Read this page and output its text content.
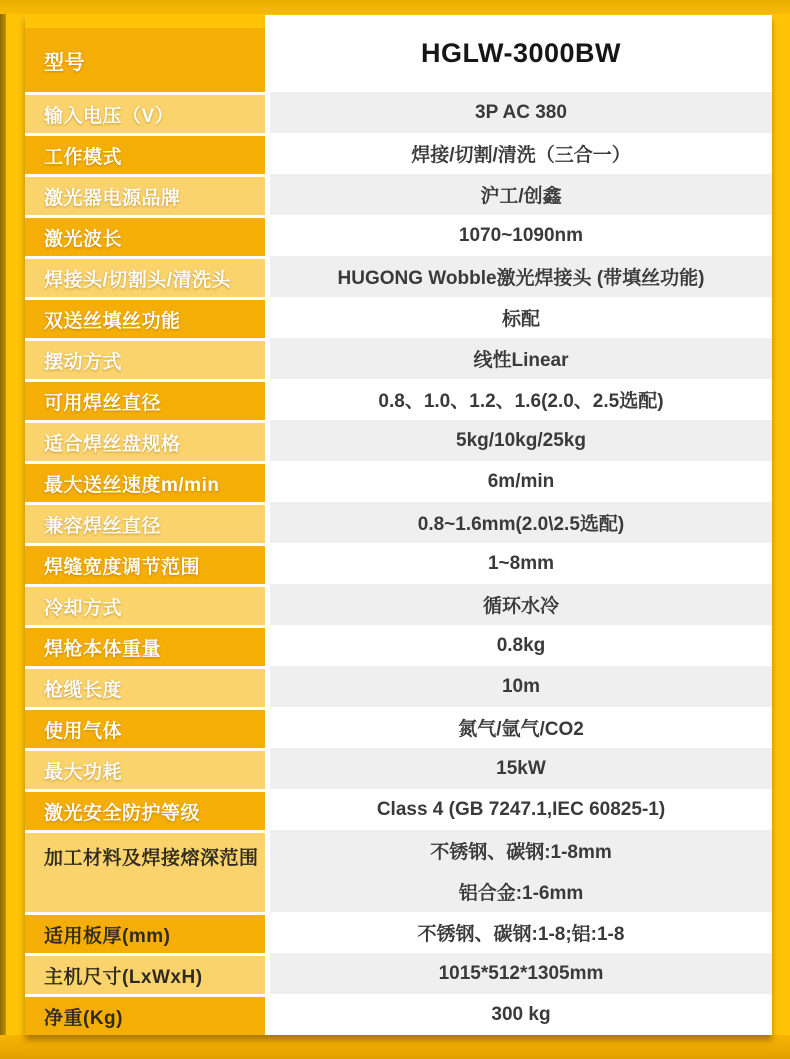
型号	HGLW-3000BW
输入电压（V）	3P AC 380
工作模式	焊接/切割/清洗（三合一）
激光器电源品牌	沪工/创鑫
激光波长	1070~1090nm
焊接头/切割头/清洗头	HUGONG Wobble激光焊接头 (带填丝功能)
双送丝填丝功能	标配
摆动方式	线性Linear
可用焊丝直径	0.8、1.0、1.2、1.6(2.0、2.5选配)
适合焊丝盘规格	5kg/10kg/25kg
最大送丝速度m/min	6m/min
兼容焊丝直径	0.8~1.6mm(2.0\2.5选配)
焊缝宽度调节范围	1~8mm
冷却方式	循环水冷
焊枪本体重量	0.8kg
枪缆长度	10m
使用气体	氮气/氩气/CO2
最大功耗	15kW
激光安全防护等级	Class 4 (GB 7247.1,IEC 60825-1)
加工材料及焊接熔深范围	不锈钢、碳钢:1-8mm
铝合金:1-6mm
适用板厚(mm)	不锈钢、碳钢:1-8;铝:1-8
主机尺寸(LxWxH)	1015*512*1305mm
净重(Kg)	300 kg
